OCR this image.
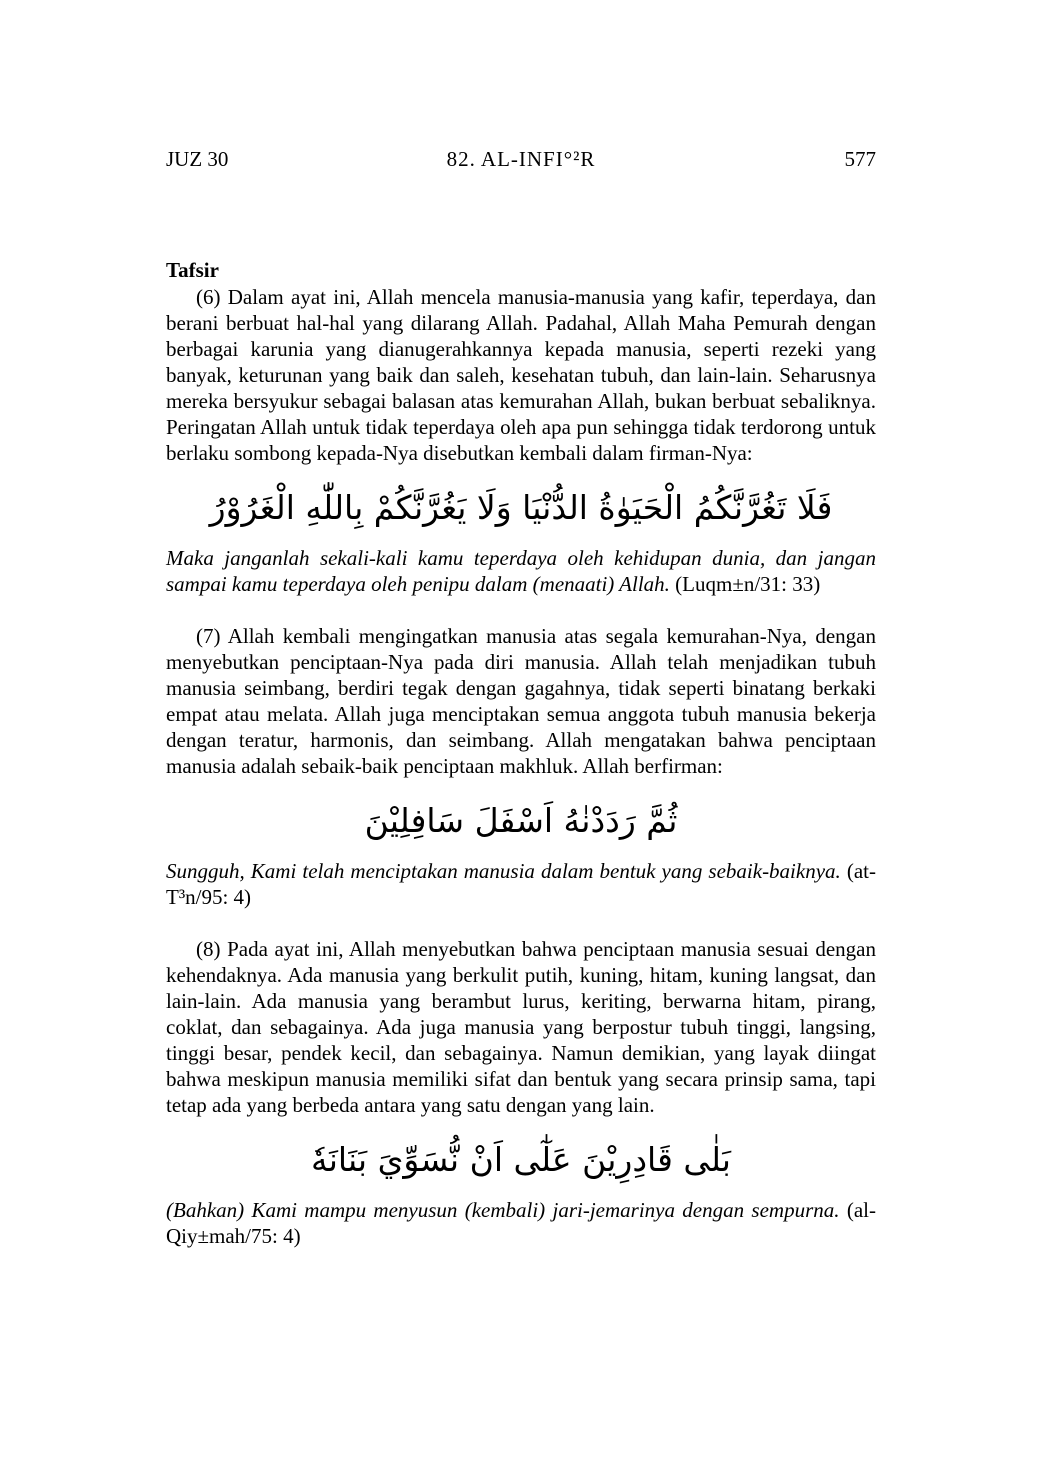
JUZ 30	82. AL-INFI°²R	577
Tafsir

(6) Dalam ayat ini, Allah mencela manusia-manusia yang kafir, teperdaya, dan berani berbuat hal-hal yang dilarang Allah. Padahal, Allah Maha Pemurah dengan berbagai karunia yang dianugerahkannya kepada manusia, seperti rezeki yang banyak, keturunan yang baik dan saleh, kesehatan tubuh, dan lain-lain. Seharusnya mereka bersyukur sebagai balasan atas kemurahan Allah, bukan berbuat sebaliknya. Peringatan Allah untuk tidak teperdaya oleh apa pun sehingga tidak terdorong untuk berlaku sombong kepada-Nya disebutkan kembali dalam firman-Nya:

فَلَا تَغُرَّنَّكُمُ الْحَيَوٰةُ الدُّنْيَا وَلَا يَغُرَّنَّكُمْ بِاللّٰهِ الْغَرُوْرُ

Maka janganlah sekali-kali kamu teperdaya oleh kehidupan dunia, dan jangan sampai kamu teperdaya oleh penipu dalam (menaati) Allah. (Luqm±n/31: 33)

(7) Allah kembali mengingatkan manusia atas segala kemurahan-Nya, dengan menyebutkan penciptaan-Nya pada diri manusia. Allah telah menjadikan tubuh manusia seimbang, berdiri tegak dengan gagahnya, tidak seperti binatang berkaki empat atau melata. Allah juga menciptakan semua anggota tubuh manusia bekerja dengan teratur, harmonis, dan seimbang. Allah mengatakan bahwa penciptaan manusia adalah sebaik-baik penciptaan makhluk. Allah berfirman:

ثُمَّ رَدَدْنٰهُ اَسْفَلَ سَافِلِيْنَ

Sungguh, Kami telah menciptakan manusia dalam bentuk yang sebaik-baiknya. (at-T³n/95: 4)

(8) Pada ayat ini, Allah menyebutkan bahwa penciptaan manusia sesuai dengan kehendaknya. Ada manusia yang berkulit putih, kuning, hitam, kuning langsat, dan lain-lain. Ada manusia yang berambut lurus, keriting, berwarna hitam, pirang, coklat, dan sebagainya. Ada juga manusia yang berpostur tubuh tinggi, langsing, tinggi besar, pendek kecil, dan sebagainya. Namun demikian, yang layak diingat bahwa meskipun manusia memiliki sifat dan bentuk yang secara prinsip sama, tapi tetap ada yang berbeda antara yang satu dengan yang lain.

بَلٰى قَادِرِيْنَ عَلٰٓى اَنْ نُّسَوِّيَ بَنَانَهٗ

(Bahkan) Kami mampu menyusun (kembali) jari-jemarinya dengan sempurna. (al-Qiy±mah/75: 4)
